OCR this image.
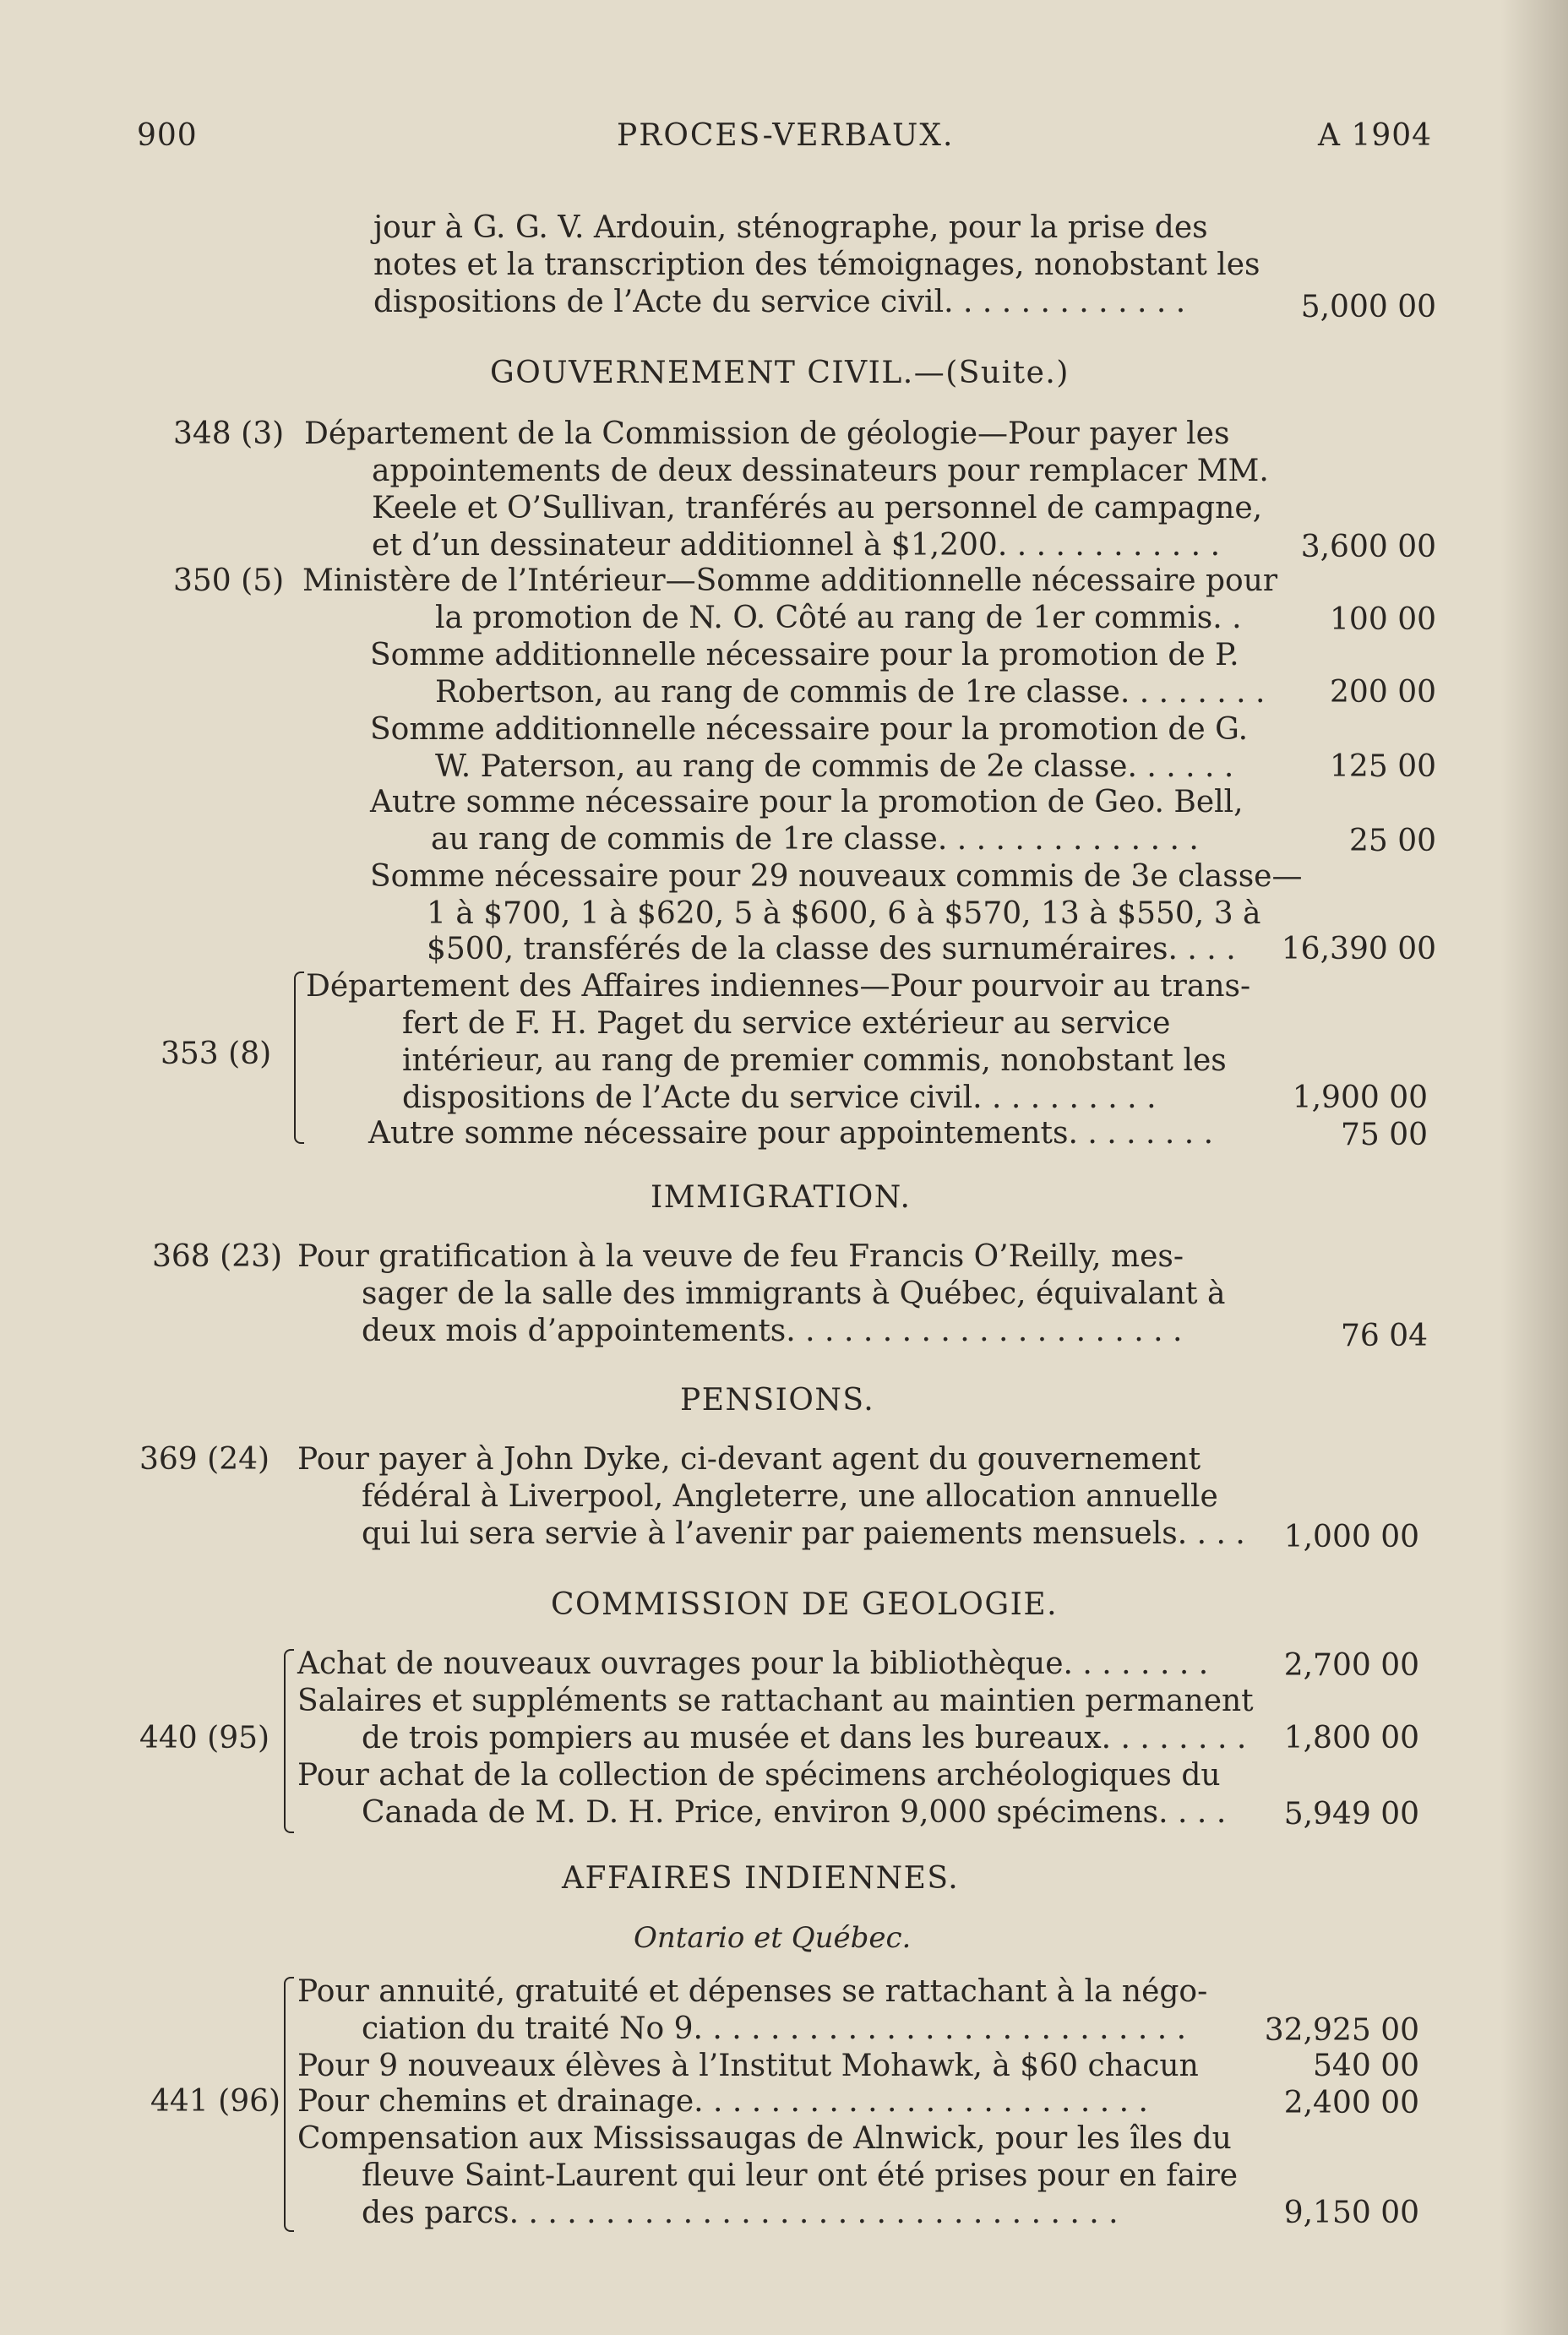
900	PROCES-VERBAUX.	A 1904
jour à G. G. V. Ardouin, sténographe, pour la prise des
notes et la transcription des témoignages, nonobstant les
dispositions de l’Acte du service civil. . . . . . . . . . . . .	5,000 00
GOUVERNEMENT CIVIL.—(Suite.)
348 (3) Département de la Commission de géologie—Pour payer les
appointements de deux dessinateurs pour remplacer MM.
Keele et O’Sullivan, tranférés au personnel de campagne,
et d’un dessinateur additionnel à $1,200. . . . . . . . . . . .	3,600 00
350 (5) Ministère de l’Intérieur—Somme additionnelle nécessaire pour
la promotion de N. O. Côté au rang de 1er commis. .	100 00
Somme additionnelle nécessaire pour la promotion de P.
Robertson, au rang de commis de 1re classe. . . . . . . .	200 00
Somme additionnelle nécessaire pour la promotion de G.
W. Paterson, au rang de commis de 2e classe. . . . . .	125 00
Autre somme nécessaire pour la promotion de Geo. Bell,
au rang de commis de 1re classe. . . . . . . . . . . . . .	25 00
Somme nécessaire pour 29 nouveaux commis de 3e classe—
1 à $700, 1 à $620, 5 à $600, 6 à $570, 13 à $550, 3 à
$500, transférés de la classe des surnuméraires. . . .	16,390 00
353 (8)
Département des Affaires indiennes—Pour pourvoir au trans-
fert de F. H. Paget du service extérieur au service
intérieur, au rang de premier commis, nonobstant les
dispositions de l’Acte du service civil. . . . . . . . . .	1,900 00
Autre somme nécessaire pour appointements. . . . . . . .	75 00
IMMIGRATION.
368 (23) Pour gratification à la veuve de feu Francis O’Reilly, mes-
sager de la salle des immigrants à Québec, équivalant à
deux mois d’appointements. . . . . . . . . . . . . . . . . . . . .	76 04
PENSIONS.
369 (24) Pour payer à John Dyke, ci-devant agent du gouvernement
fédéral à Liverpool, Angleterre, une allocation annuelle
qui lui sera servie à l’avenir par paiements mensuels. . . .	1,000 00
COMMISSION DE GEOLOGIE.
440 (95)
Achat de nouveaux ouvrages pour la bibliothèque. . . . . . . .	2,700 00
Salaires et suppléments se rattachant au maintien permanent
de trois pompiers au musée et dans les bureaux. . . . . . . .	1,800 00
Pour achat de la collection de spécimens archéologiques du
Canada de M. D. H. Price, environ 9,000 spécimens. . . .	5,949 00
AFFAIRES INDIENNES.
Ontario et Québec.
441 (96)
Pour annuité, gratuité et dépenses se rattachant à la négo-
ciation du traité No 9. . . . . . . . . . . . . . . . . . . . . . . . . .	32,925 00
Pour 9 nouveaux élèves à l’Institut Mohawk, à $60 chacun	540 00
Pour chemins et drainage. . . . . . . . . . . . . . . . . . . . . . . .	2,400 00
Compensation aux Mississaugas de Alnwick, pour les îles du
fleuve Saint-Laurent qui leur ont été prises pour en faire
des parcs. . . . . . . . . . . . . . . . . . . . . . . . . . . . . . . .	9,150 00
